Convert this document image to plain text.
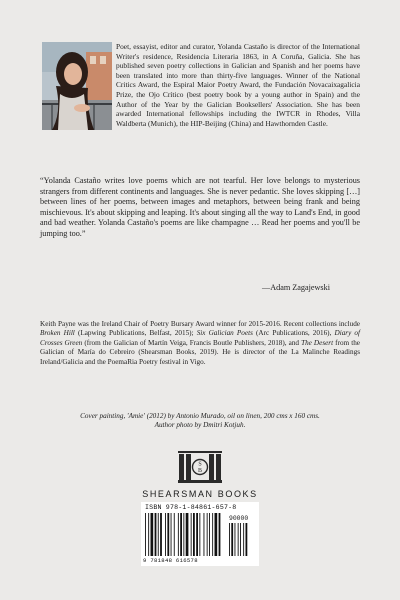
Poet, essayist, editor and curator, Yolanda Castaño is director of the International Writer's residence, Residencia Literaria 1863, in A Coruña, Galicia. She has published seven poetry collections in Galician and Spanish and her poems have been translated into more than thirty-five languages. Winner of the National Critics Award, the Espiral Maior Poetry Award, the Fundación Novacaixagalicia Prize, the Ojo Crítico (best poetry book by a young author in Spain) and the Author of the Year by the Galician Booksellers' Association. She has been awarded International fellowships including the IWTCR in Rhodes, Villa Waldberta (Munich), the HIP-Beijing (China) and Hawthornden Castle.

“Yolanda Castaño writes love poems which are not tearful. Her love belongs to mysterious strangers from different continents and languages. She is never pedantic. She loves skipping […] between lines of her poems, between images and metaphors, between being frank and being mischievous. It's about skipping and leaping. It's about singing all the way to Land's End, in good and bad weather. Yolanda Castaño's poems are like champagne … Read her poems and you'll be jumping too.”

—Adam Zagajewski

Keith Payne was the Ireland Chair of Poetry Bursary Award winner for 2015-2016. Recent collections include Broken Hill (Lapwing Publications, Belfast, 2015); Six Galician Poets (Arc Publications, 2016), Diary of Crosses Green (from the Galician of Martín Veiga, Francis Boutle Publishers, 2018), and The Desert from the Galician of María do Cebreiro (Shearsman Books, 2019). He is director of the La Malinche Readings Ireland/Galicia and the PoemaRia Poetry festival in Vigo.

Cover painting, 'Amie' (2012) by Antonio Murado, oil on linen, 200 cms x 160 cms.
Author photo by Dmitri Kotjuh.

S
B

SHEARSMAN BOOKS

ISBN 978-1-84861-657-8
90000
9 781848 616578
